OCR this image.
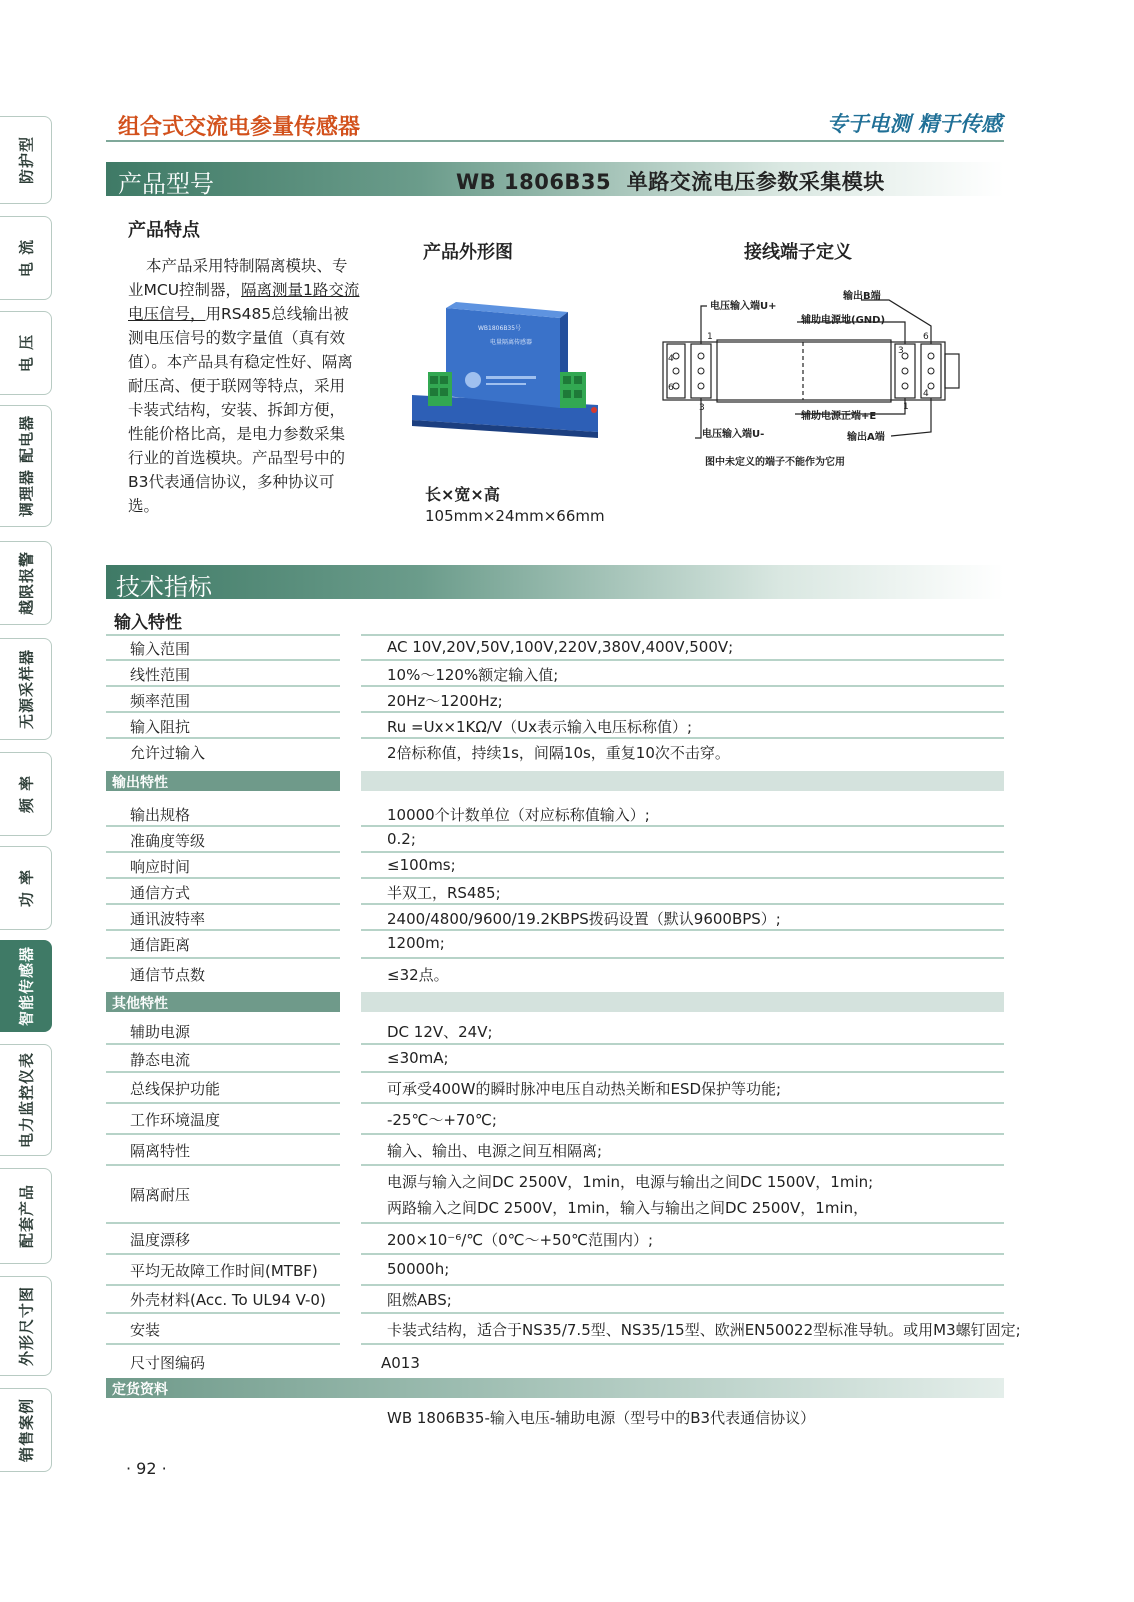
防护型
电 流
电 压
调理器 配电器
越限报警
无源采样器
频 率
功 率
智能传感器
电力监控仪表
配套产品
外形尺寸图
销售案例
组合式交流电参量传感器	专于电测 精于传感
产品型号	WB 1806B35 单路交流电压参数采集模块
产品特点
本产品采用特制隔离模块、专业MCU控制器，隔离测量1路交流电压信号，用RS485总线输出被测电压信号的数字量值（真有效值）。本产品具有稳定性好、隔离耐压高、便于联网等特点，采用卡装式结构，安装、拆卸方便，性能价格比高，是电力参数采集行业的首选模块。产品型号中的B3代表通信协议，多种协议可选。
产品外形图
WB1806B35号
电量隔离传感器
长×宽×高
105mm×24mm×66mm
接线端子定义
1
4
6
3
3
6
4
1
电压输入端U+
输出B端
辅助电源地(GND)
辅助电源正端+E
电压输入端U-	输出A端
图中未定义的端子不能作为它用
技术指标
输入特性
输入范围	AC 10V,20V,50V,100V,220V,380V,400V,500V;
线性范围	10%～120%额定输入值;
频率范围	20Hz～1200Hz;
输入阻抗	Ru =Ux×1KΩ/V（Ux表示输入电压标称值）;
允许过输入	2倍标称值，持续1s，间隔10s，重复10次不击穿。
输出特性
输出规格	10000个计数单位（对应标称值输入）;
准确度等级	0.2;
响应时间	≤100ms;
通信方式	半双工，RS485;
通讯波特率	2400/4800/9600/19.2KBPS拨码设置（默认9600BPS）;
通信距离	1200m;
通信节点数	≤32点。
其他特性
辅助电源	DC 12V、24V;
静态电流	≤30mA;
总线保护功能	可承受400W的瞬时脉冲电压自动热关断和ESD保护等功能;
工作环境温度	-25℃～+70℃;
隔离特性	输入、输出、电源之间互相隔离;
隔离耐压
电源与输入之间DC 2500V，1min，电源与输出之间DC 1500V，1min;
两路输入之间DC 2500V，1min，输入与输出之间DC 2500V，1min，
温度漂移	200×10⁻⁶/℃（0℃～+50℃范围内）;
平均无故障工作时间(MTBF)	50000h;
外壳材料(Acc. To UL94 V-0)	阻燃ABS;
安装	卡装式结构，适合于NS35/7.5型、NS35/15型、欧洲EN50022型标准导轨。或用M3螺钉固定;
尺寸图编码	A013
定货资料
WB 1806B35-输入电压-辅助电源（型号中的B3代表通信协议）
· 92 ·
